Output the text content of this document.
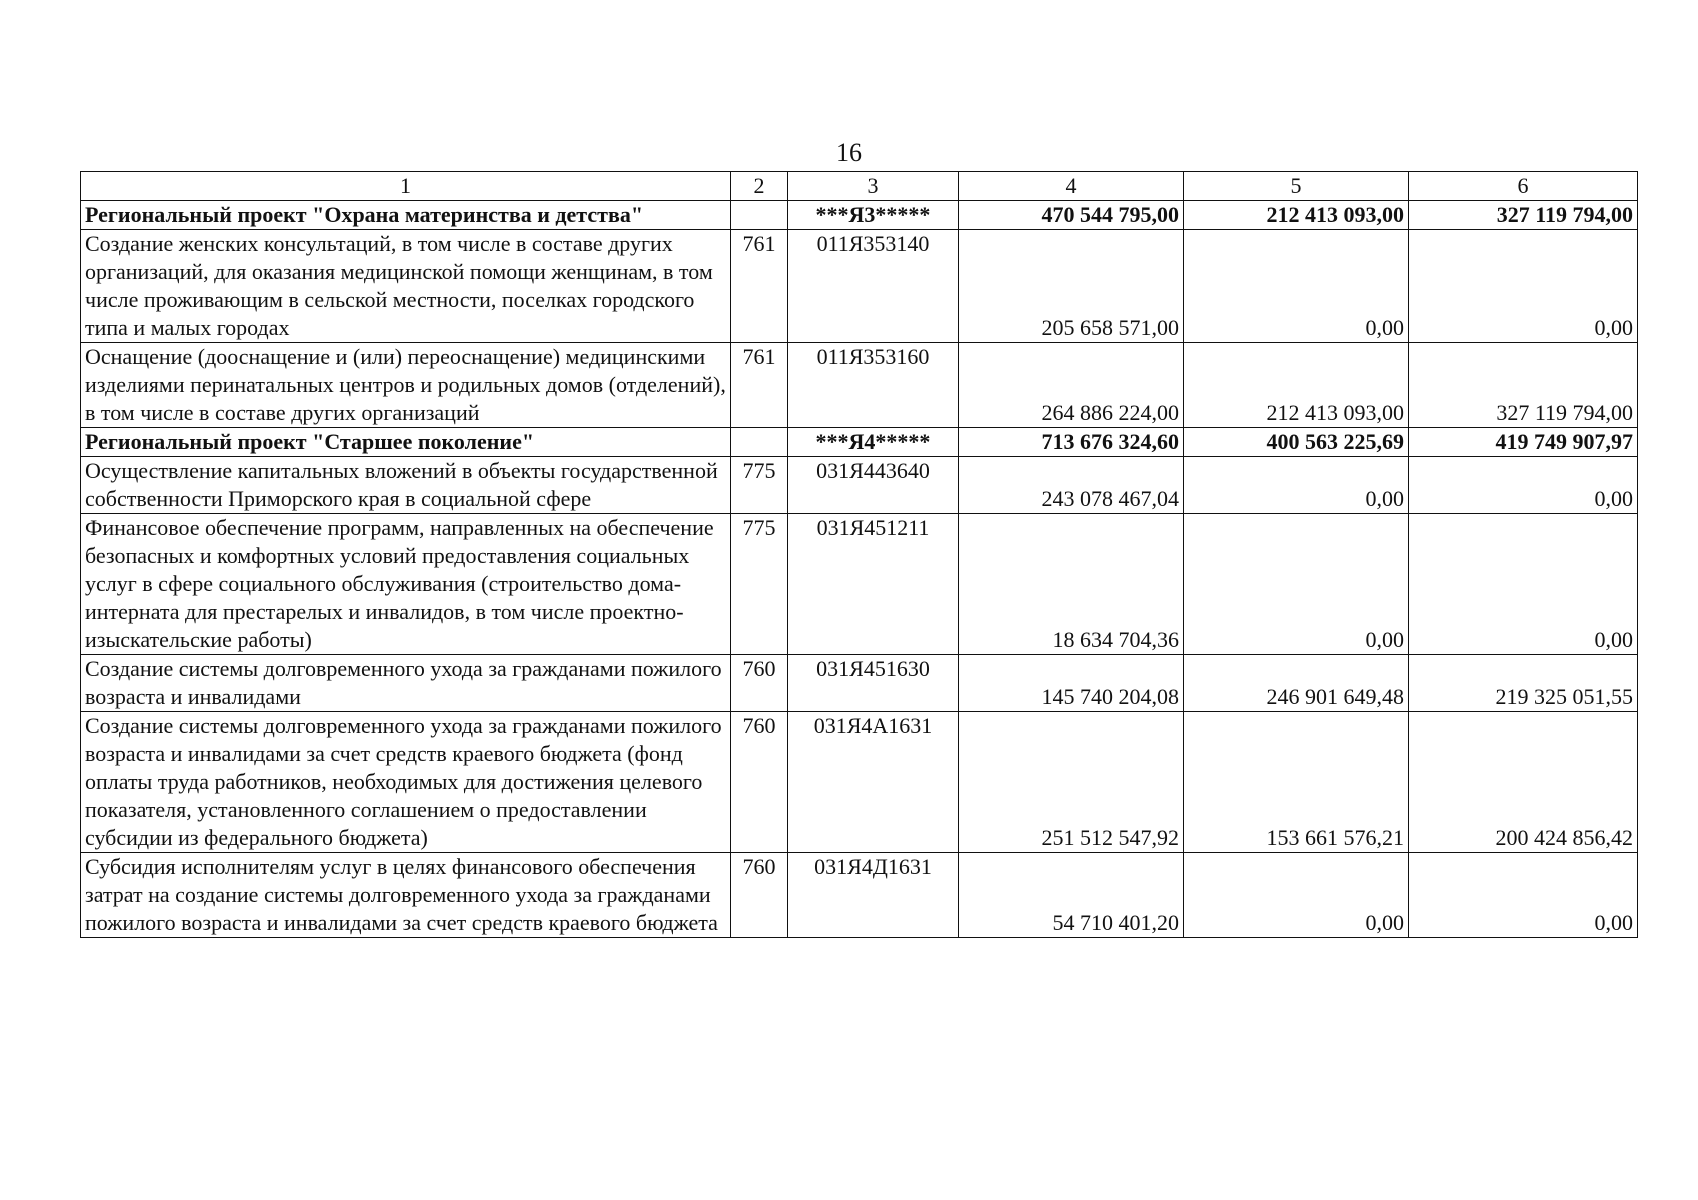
16
1	2	3	4	5	6
Региональный проект "Охрана материнства и детства"		***Я3*****	470 544 795,00	212 413 093,00	327 119 794,00
Создание женских консультаций, в том числе в составе других организаций, для оказания медицинской помощи женщинам, в том числе проживающим в сельской местности, поселках городского типа и малых городах	761	011Я353140	205 658 571,00	0,00	0,00
Оснащение (дооснащение и (или) переоснащение) медицинскими изделиями перинатальных центров и родильных домов (отделений), в том числе в составе других организаций	761	011Я353160	264 886 224,00	212 413 093,00	327 119 794,00
Региональный проект "Старшее поколение"		***Я4*****	713 676 324,60	400 563 225,69	419 749 907,97
Осуществление капитальных вложений в объекты государственной собственности Приморского края в социальной сфере	775	031Я443640	243 078 467,04	0,00	0,00
Финансовое обеспечение программ, направленных на обеспечение безопасных и комфортных условий предоставления социальных услуг в сфере социального обслуживания (строительство дома-интерната для престарелых и инвалидов, в том числе проектно-изыскательские работы)	775	031Я451211	18 634 704,36	0,00	0,00
Создание системы долговременного ухода за гражданами пожилого возраста и инвалидами	760	031Я451630	145 740 204,08	246 901 649,48	219 325 051,55
Создание системы долговременного ухода за гражданами пожилого возраста и инвалидами за счет средств краевого бюджета (фонд оплаты труда работников, необходимых для достижения целевого показателя, установленного соглашением о предоставлении субсидии из федерального бюджета)	760	031Я4А1631	251 512 547,92	153 661 576,21	200 424 856,42
Субсидия исполнителям услуг в целях финансового обеспечения затрат на создание системы долговременного ухода за гражданами пожилого возраста и инвалидами за счет средств краевого бюджета	760	031Я4Д1631	54 710 401,20	0,00	0,00
